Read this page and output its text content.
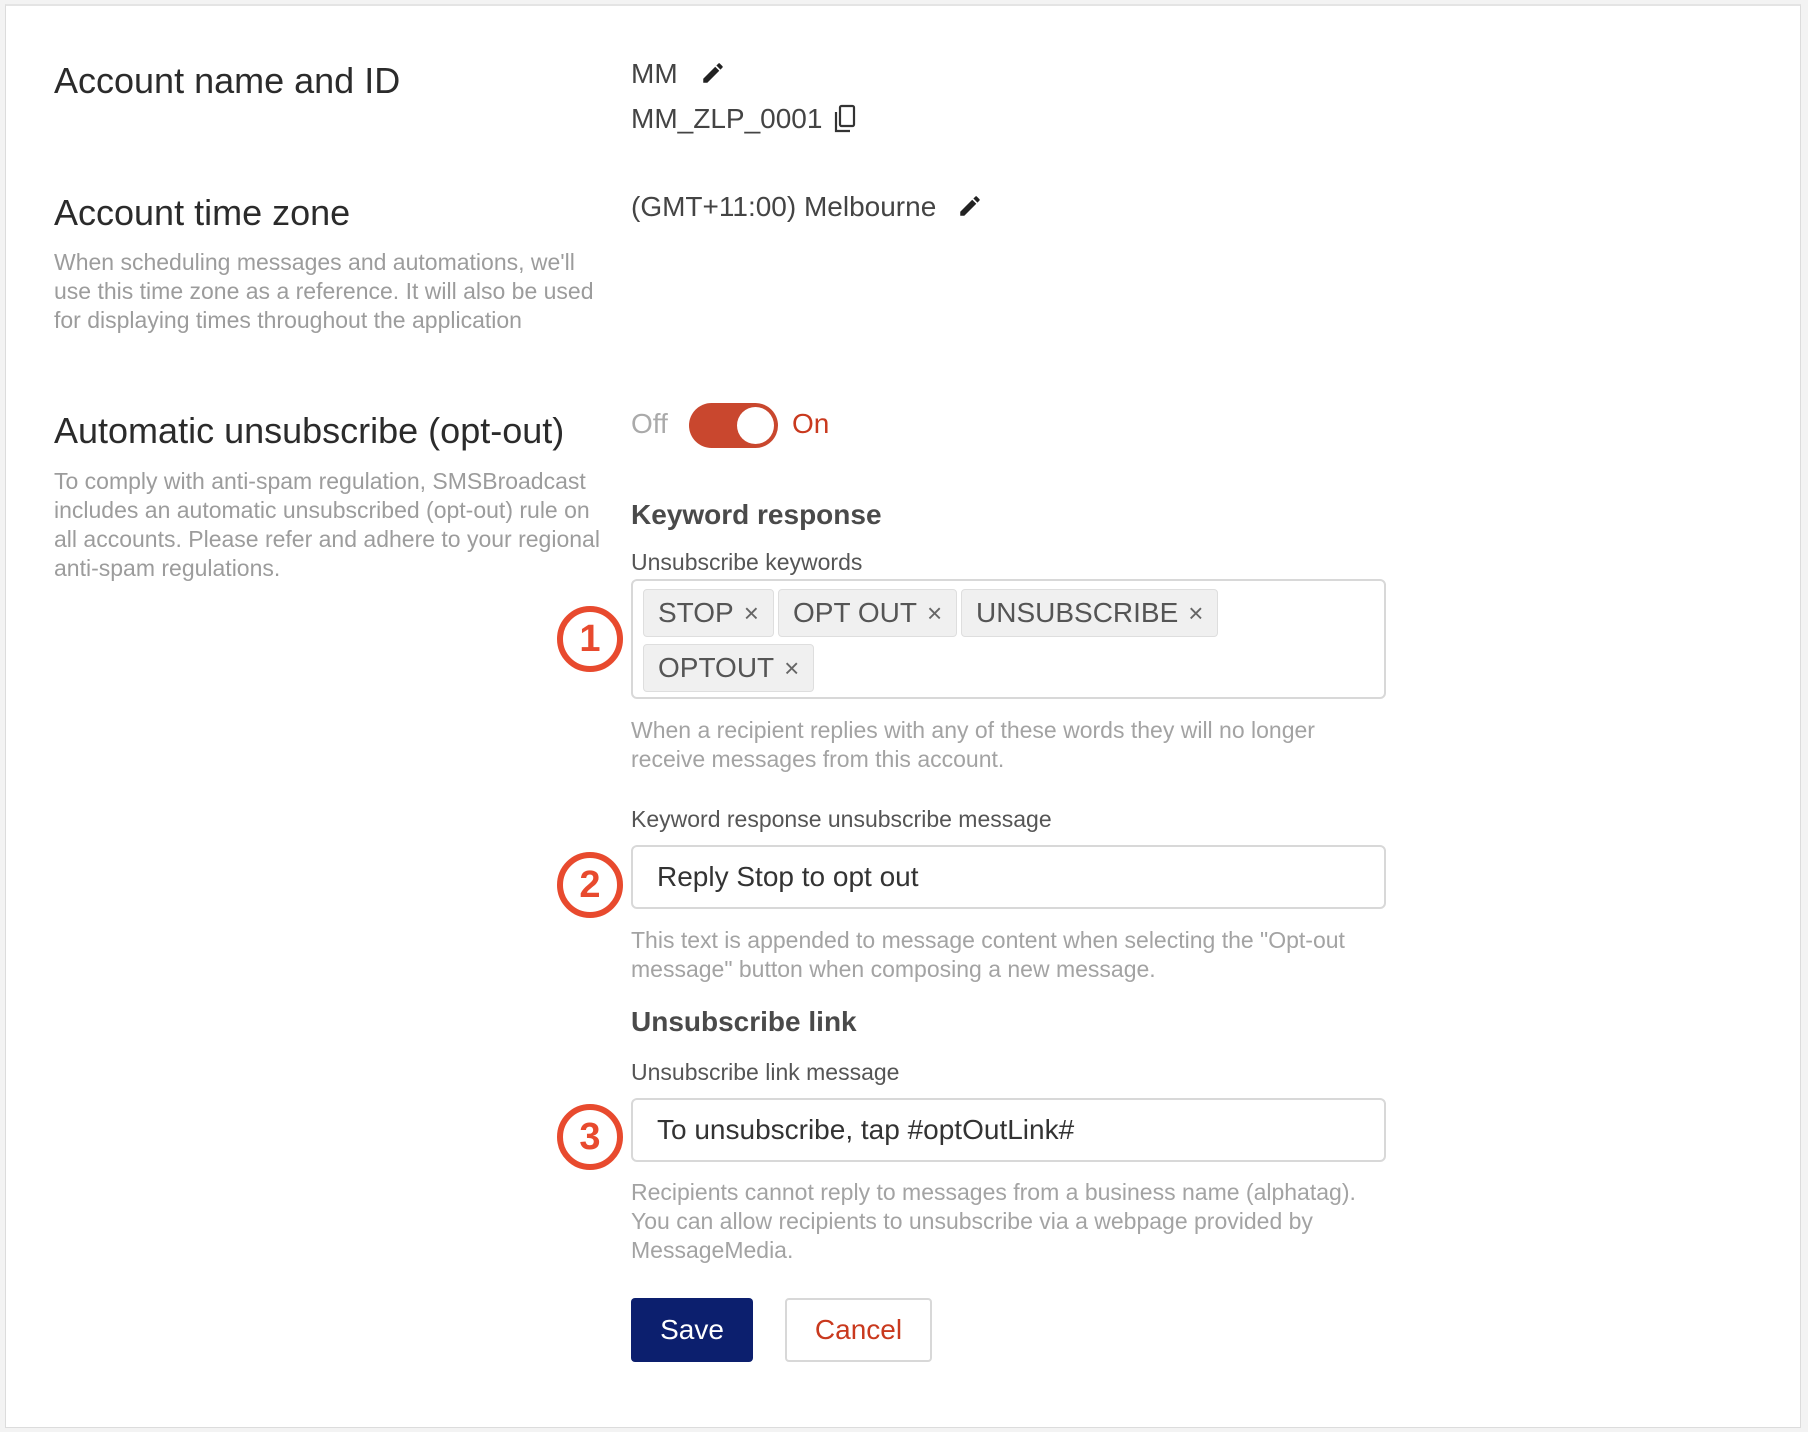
Account name and ID	MM
MM_ZLP_0001
Account time zone
When scheduling messages and automations, we'll use this time zone as a reference. It will also be used for displaying times throughout the application
(GMT+11:00) Melbourne
Automatic unsubscribe (opt-out)
To comply with anti-spam regulation, SMSBroadcast includes an automatic unsubscribed (opt-out) rule on all accounts. Please refer and adhere to your regional anti-spam regulations.
Off	On
Keyword response
Unsubscribe keywords
STOP × OPT OUT × UNSUBSCRIBE ×
OPTOUT ×
1
When a recipient replies with any of these words they will no longer receive messages from this account.
Keyword response unsubscribe message
Reply Stop to opt out
2
This text is appended to message content when selecting the "Opt-out message" button when composing a new message.
Unsubscribe link
Unsubscribe link message
To unsubscribe, tap #optOutLink#
3
Recipients cannot reply to messages from a business name (alphatag). You can allow recipients to unsubscribe via a webpage provided by MessageMedia.
Save	Cancel
